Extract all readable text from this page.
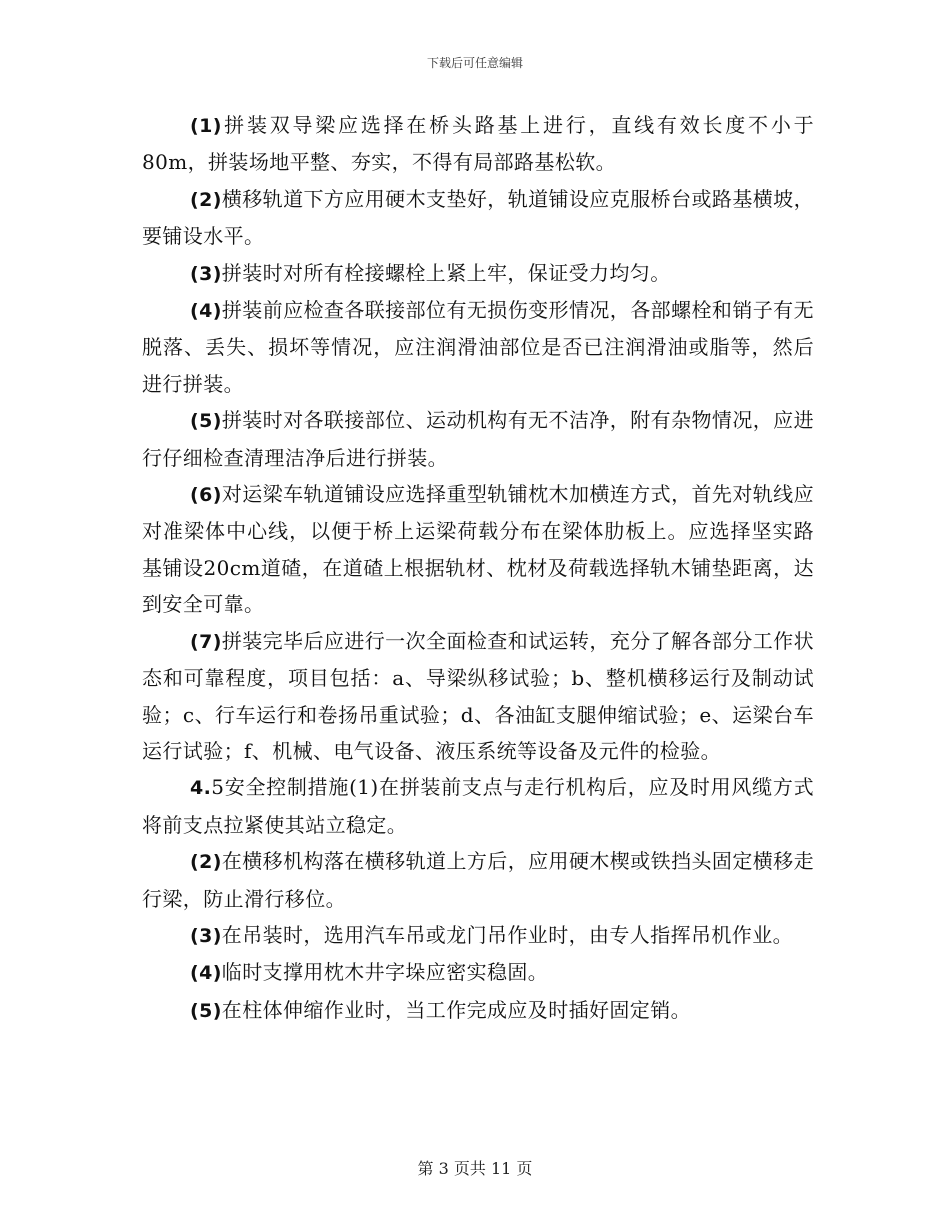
下载后可任意编辑

(1)拼装双导梁应选择在桥头路基上进行，直线有效长度不小于80m，拼装场地平整、夯实，不得有局部路基松软。

(2)横移轨道下方应用硬木支垫好，轨道铺设应克服桥台或路基横坡，要铺设水平。

(3)拼装时对所有栓接螺栓上紧上牢，保证受力均匀。

(4)拼装前应检查各联接部位有无损伤变形情况，各部螺栓和销子有无脱落、丢失、损坏等情况，应注润滑油部位是否已注润滑油或脂等，然后进行拼装。

(5)拼装时对各联接部位、运动机构有无不洁净，附有杂物情况，应进行仔细检查清理洁净后进行拼装。

(6)对运梁车轨道铺设应选择重型轨铺枕木加横连方式，首先对轨线应对准梁体中心线，以便于桥上运梁荷载分布在梁体肋板上。应选择坚实路基铺设20cm道碴，在道碴上根据轨材、枕材及荷载选择轨木铺垫距离，达到安全可靠。

(7)拼装完毕后应进行一次全面检查和试运转，充分了解各部分工作状态和可靠程度，项目包括：a、导梁纵移试验；b、整机横移运行及制动试验；c、行车运行和卷扬吊重试验；d、各油缸支腿伸缩试验；e、运梁台车运行试验；f、机械、电气设备、液压系统等设备及元件的检验。

4.5安全控制措施(1)在拼装前支点与走行机构后，应及时用风缆方式将前支点拉紧使其站立稳定。

(2)在横移机构落在横移轨道上方后，应用硬木楔或铁挡头固定横移走行梁，防止滑行移位。

(3)在吊装时，选用汽车吊或龙门吊作业时，由专人指挥吊机作业。

(4)临时支撑用枕木井字垛应密实稳固。

(5)在柱体伸缩作业时，当工作完成应及时插好固定销。

第 3 页共 11 页
